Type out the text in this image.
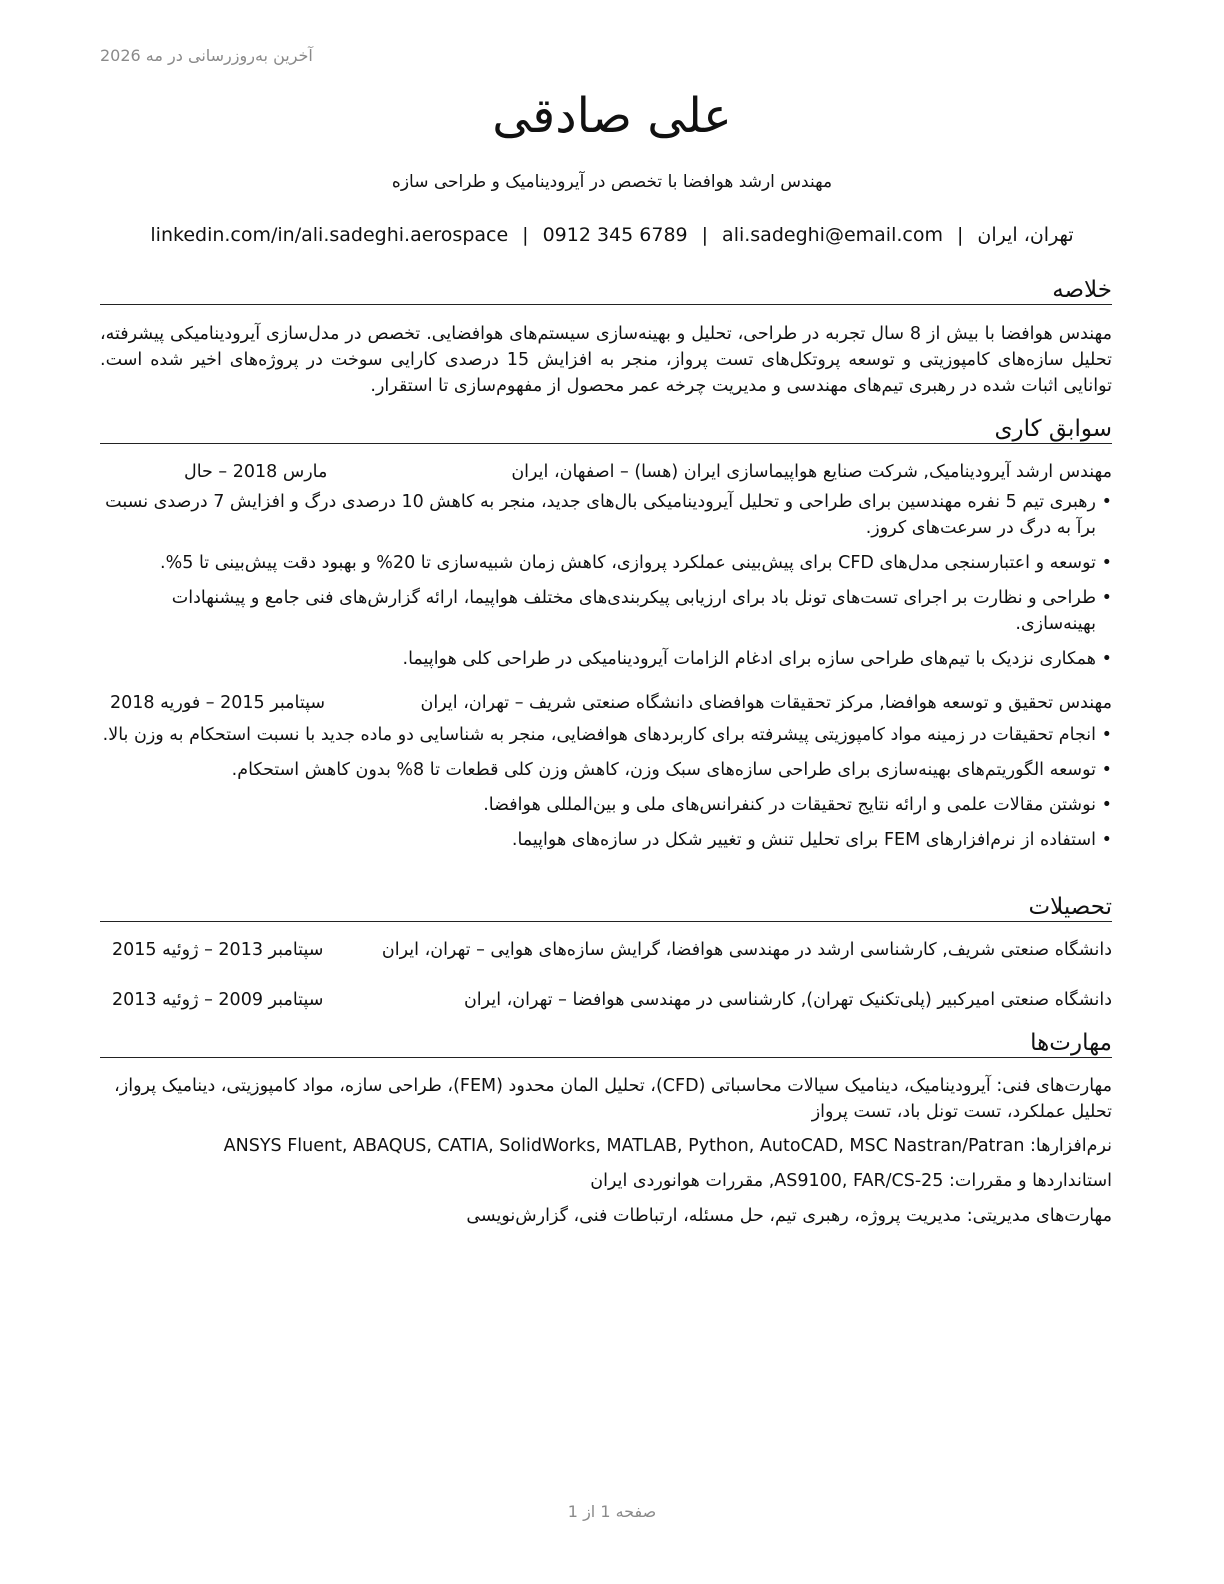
آخرین به‌روزرسانی در مه 2026
علی صادقی
مهندس ارشد هوافضا با تخصص در آیرودینامیک و طراحی سازه
تهران، ایران|ali.sadeghi@email.com|0912 345 6789|linkedin.com/in/ali.sadeghi.aerospace
خلاصه
مهندس هوافضا با بیش از 8 سال تجربه در طراحی، تحلیل و بهینه‌سازی سیستم‌های هوافضایی. تخصص در مدل‌سازی آیرودینامیکی پیشرفته، تحلیل سازه‌های کامپوزیتی و توسعه پروتکل‌های تست پرواز، منجر به افزایش 15 درصدی کارایی سوخت در پروژه‌های اخیر شده است. توانایی اثبات شده در رهبری تیم‌های مهندسی و مدیریت چرخه عمر محصول از مفهوم‌سازی تا استقرار.
سوابق کاری
مهندس ارشد آیرودینامیک, شرکت صنایع هواپیماسازی ایران (هسا) – اصفهان، ایران
مارس 2018 – حال
• رهبری تیم 5 نفره مهندسین برای طراحی و تحلیل آیرودینامیکی بال‌های جدید، منجر به کاهش 10 درصدی درگ و افزایش 7 درصدی نسبت برآ به درگ در سرعت‌های کروز.
• توسعه و اعتبارسنجی مدل‌های CFD برای پیش‌بینی عملکرد پروازی، کاهش زمان شبیه‌سازی تا 20% و بهبود دقت پیش‌بینی تا 5%.
• طراحی و نظارت بر اجرای تست‌های تونل باد برای ارزیابی پیکربندی‌های مختلف هواپیما، ارائه گزارش‌های فنی جامع و پیشنهادات بهینه‌سازی.
• همکاری نزدیک با تیم‌های طراحی سازه برای ادغام الزامات آیرودینامیکی در طراحی کلی هواپیما.
مهندس تحقیق و توسعه هوافضا, مرکز تحقیقات هوافضای دانشگاه صنعتی شریف – تهران، ایران
سپتامبر 2015 – فوریه 2018
• انجام تحقیقات در زمینه مواد کامپوزیتی پیشرفته برای کاربردهای هوافضایی، منجر به شناسایی دو ماده جدید با نسبت استحکام به وزن بالا.
• توسعه الگوریتم‌های بهینه‌سازی برای طراحی سازه‌های سبک وزن، کاهش وزن کلی قطعات تا 8% بدون کاهش استحکام.
• نوشتن مقالات علمی و ارائه نتایج تحقیقات در کنفرانس‌های ملی و بین‌المللی هوافضا.
• استفاده از نرم‌افزارهای FEM برای تحلیل تنش و تغییر شکل در سازه‌های هواپیما.
تحصیلات
دانشگاه صنعتی شریف, کارشناسی ارشد در مهندسی هوافضا، گرایش سازه‌های هوایی – تهران، ایران
سپتامبر 2013 – ژوئیه 2015
دانشگاه صنعتی امیرکبیر (پلی‌تکنیک تهران), کارشناسی در مهندسی هوافضا – تهران، ایران
سپتامبر 2009 – ژوئیه 2013
مهارت‌ها
مهارت‌های فنی: آیرودینامیک، دینامیک سیالات محاسباتی (CFD)، تحلیل المان محدود (FEM)، طراحی سازه، مواد کامپوزیتی، دینامیک پرواز، تحلیل عملکرد، تست تونل باد، تست پرواز
نرم‌افزارها: ANSYS Fluent, ABAQUS, CATIA, SolidWorks, MATLAB, Python, AutoCAD, MSC Nastran/Patran
استانداردها و مقررات: AS9100, FAR/CS-25, مقررات هوانوردی ایران
مهارت‌های مدیریتی: مدیریت پروژه، رهبری تیم، حل مسئله، ارتباطات فنی، گزارش‌نویسی
صفحه 1 از 1
